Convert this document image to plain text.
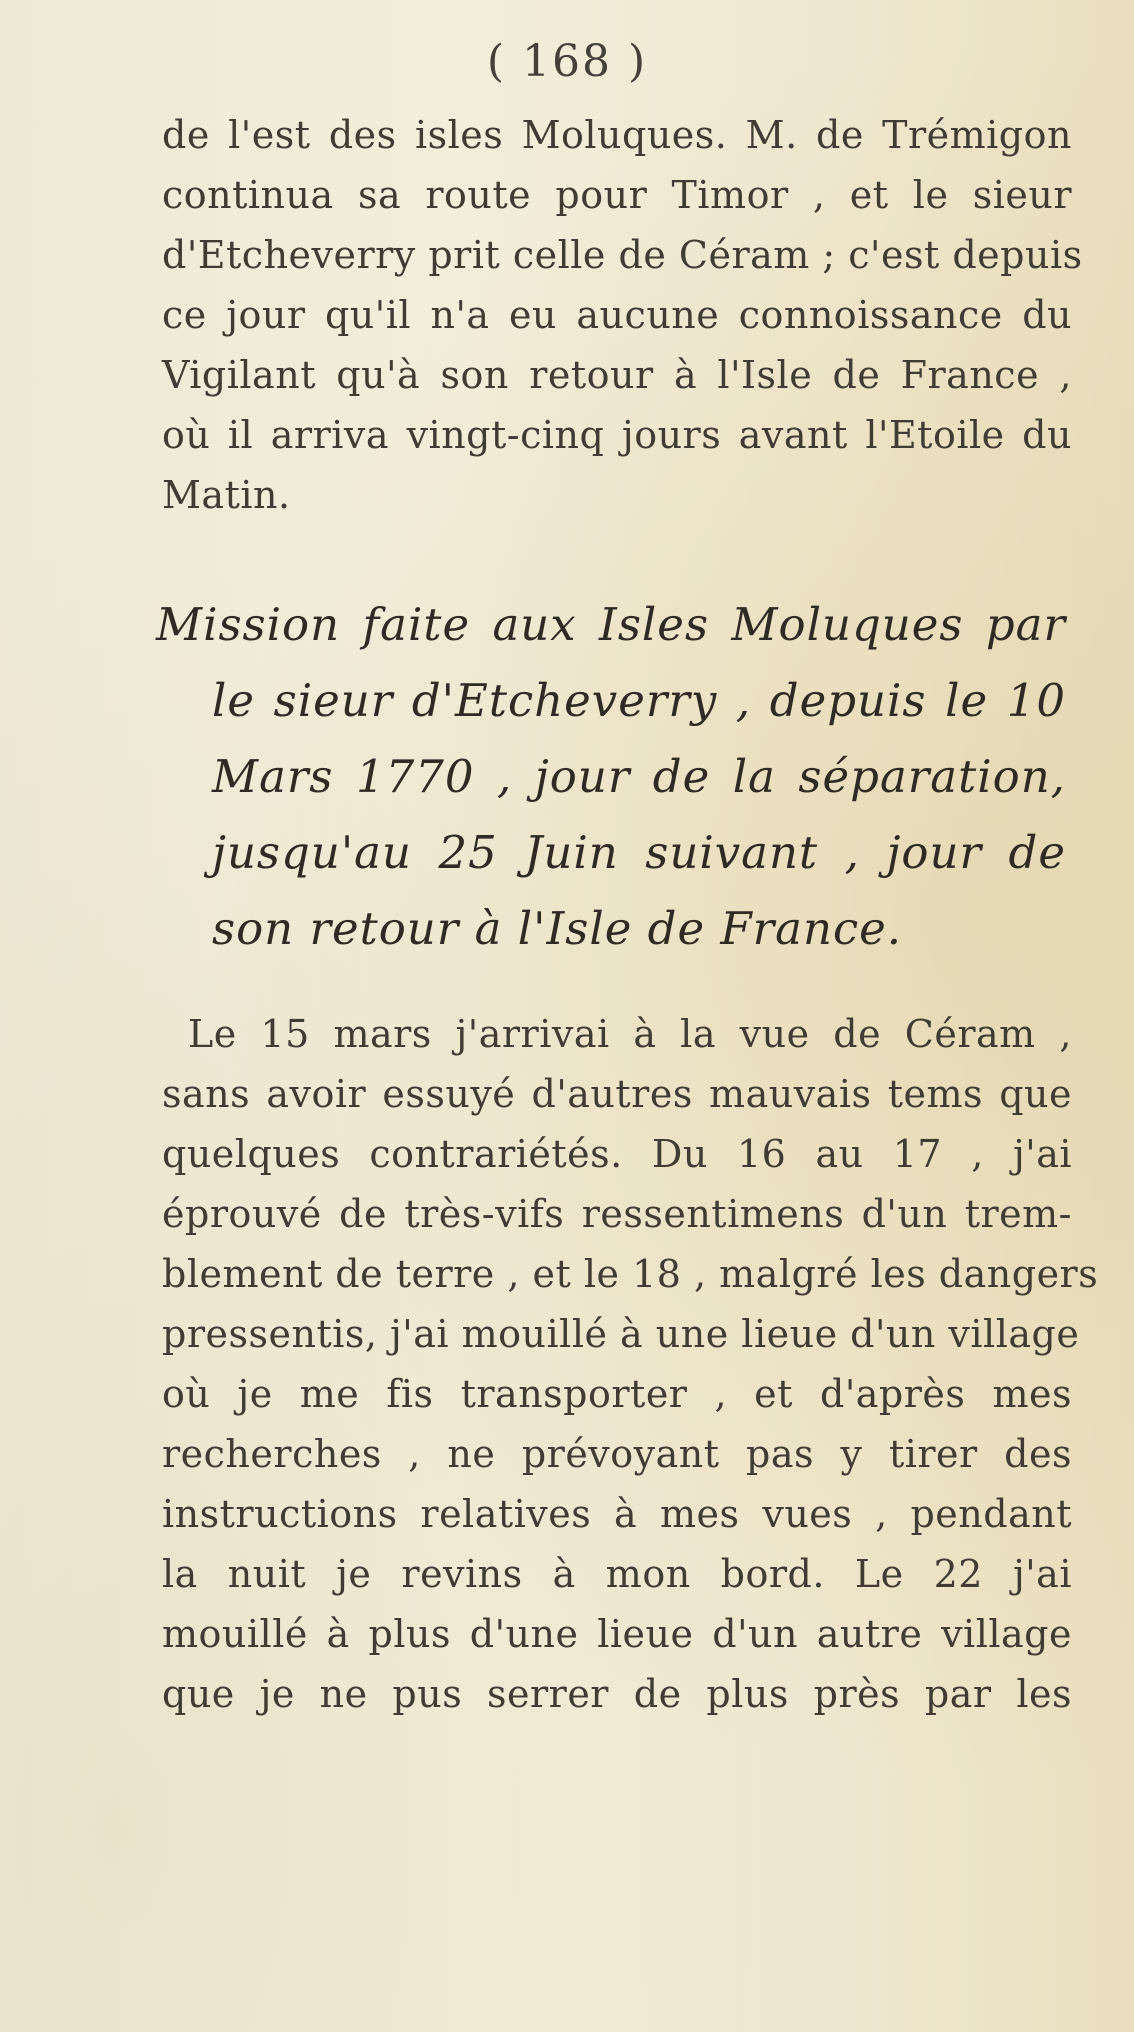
( 168 )
de l'est des isles Moluques. M. de Trémigon
continua sa route pour Timor , et le sieur
d'Etcheverry prit celle de Céram ; c'est depuis
ce jour qu'il n'a eu aucune connoissance du
Vigilant qu'à son retour à l'Isle de France ,
où il arriva vingt-cinq jours avant l'Etoile du
Matin.
Mission faite aux Isles Moluques par
le sieur d'Etcheverry , depuis le 10
Mars 1770 , jour de la séparation,
jusqu'au 25 Juin suivant , jour de
son retour à l'Isle de France.
Le 15 mars j'arrivai à la vue de Céram ,
sans avoir essuyé d'autres mauvais tems que
quelques contrariétés. Du 16 au 17 , j'ai
éprouvé de très-vifs ressentimens d'un trem-
blement de terre , et le 18 , malgré les dangers
pressentis, j'ai mouillé à une lieue d'un village
où je me fis transporter , et d'après mes
recherches , ne prévoyant pas y tirer des
instructions relatives à mes vues , pendant
la nuit je revins à mon bord. Le 22 j'ai
mouillé à plus d'une lieue d'un autre village
que je ne pus serrer de plus près par les
